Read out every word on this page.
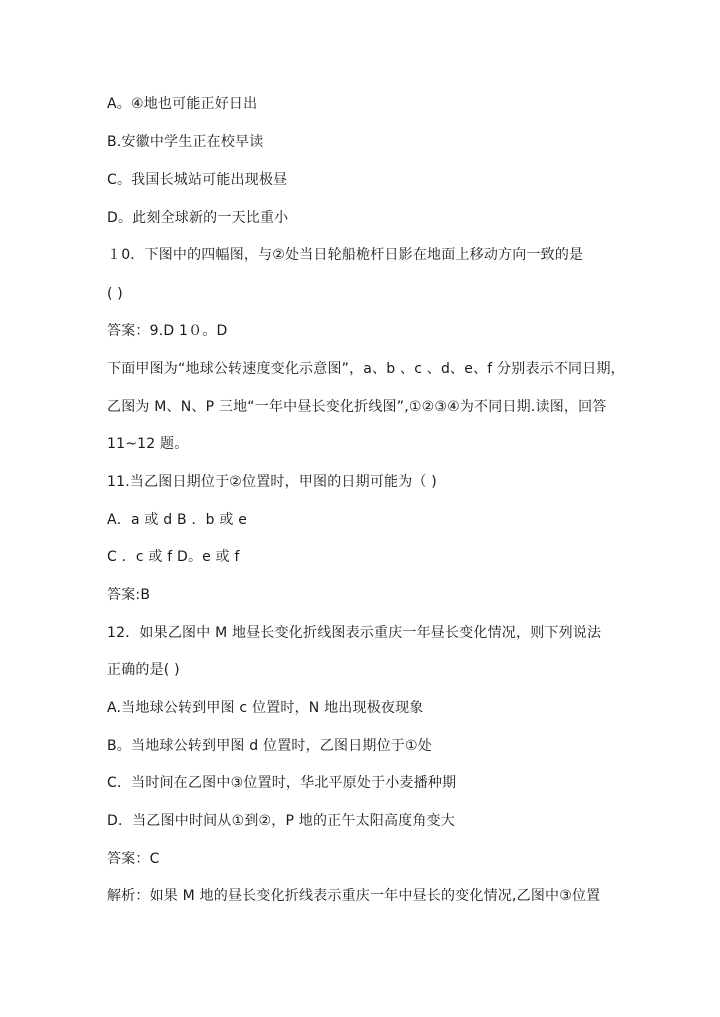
A。④地也可能正好日出
B.安徽中学生正在校早读
C。我国长城站可能出现极昼
D。此刻全球新的一天比重小
１0．下图中的四幅图，与②处当日轮船桅杆日影在地面上移动方向一致的是
( )
答案：9.D 1０。D
下面甲图为“地球公转速度变化示意图”，a、b 、c 、d、e、f 分别表示不同日期，
乙图为 M、N、P 三地“一年中昼长变化折线图”,①②③④为不同日期.读图，回答
11~12 题。
11.当乙图日期位于②位置时，甲图的日期可能为（ )
A．a 或 d B ．b 或 e
C ．c 或 f D。e 或 f
答案:B
12．如果乙图中 M 地昼长变化折线图表示重庆一年昼长变化情况，则下列说法
正确的是( )
A.当地球公转到甲图 c 位置时，N 地出现极夜现象
B。当地球公转到甲图 d 位置时，乙图日期位于①处
C．当时间在乙图中③位置时，华北平原处于小麦播种期
D．当乙图中时间从①到②，P 地的正午太阳高度角变大
答案：C
解析：如果 M 地的昼长变化折线表示重庆一年中昼长的变化情况,乙图中③位置
